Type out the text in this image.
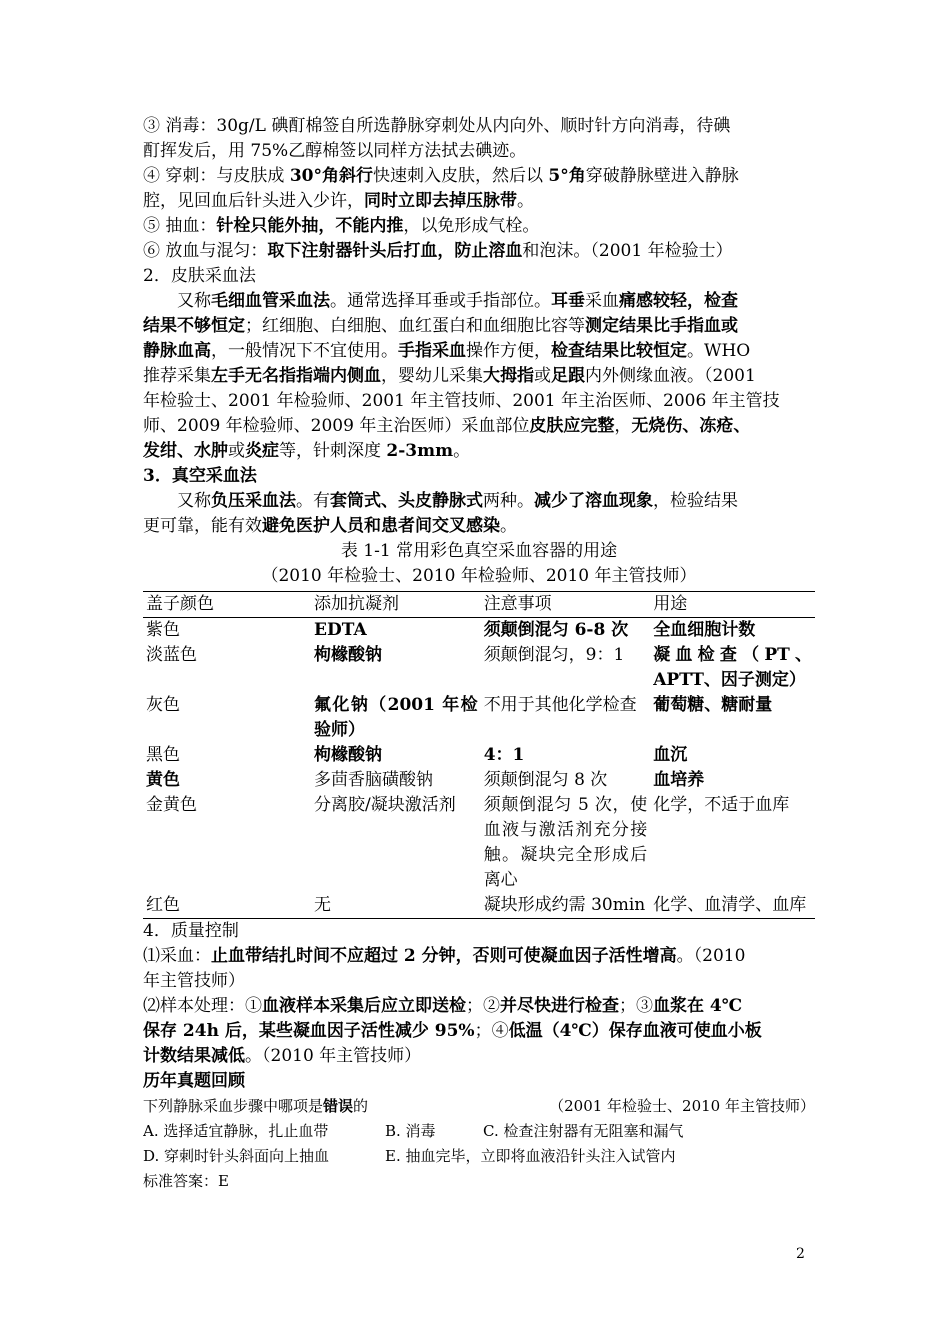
③ 消毒：30g/L 碘酊棉签自所选静脉穿刺处从内向外、顺时针方向消毒，待碘
酊挥发后，用 75%乙醇棉签以同样方法拭去碘迹。
④ 穿刺：与皮肤成 30°角斜行快速刺入皮肤，然后以 5°角穿破静脉壁进入静脉
腔，见回血后针头进入少许，同时立即去掉压脉带。
⑤ 抽血：针栓只能外抽，不能内推，以免形成气栓。
⑥ 放血与混匀：取下注射器针头后打血，防止溶血和泡沫。（2001 年检验士）
2．皮肤采血法
又称毛细血管采血法。通常选择耳垂或手指部位。耳垂采血痛感较轻，检查
结果不够恒定；红细胞、白细胞、血红蛋白和血细胞比容等测定结果比手指血或
静脉血高，一般情况下不宜使用。手指采血操作方便，检查结果比较恒定。WHO
推荐采集左手无名指指端内侧血，婴幼儿采集大拇指或足跟内外侧缘血液。（2001
年检验士、2001 年检验师、2001 年主管技师、2001 年主治医师、2006 年主管技
师、2009 年检验师、2009 年主治医师）采血部位皮肤应完整，无烧伤、冻疮、
发绀、水肿或炎症等，针刺深度 2-3mm。
3．真空采血法
又称负压采血法。有套筒式、头皮静脉式两种。减少了溶血现象，检验结果
更可靠，能有效避免医护人员和患者间交叉感染。
表 1-1 常用彩色真空采血容器的用途
（2010 年检验士、2010 年检验师、2010 年主管技师）
盖子颜色	添加抗凝剂	注意事项	用途
紫色	EDTA	须颠倒混匀 6-8 次	全血细胞计数
淡蓝色	枸橼酸钠	须颠倒混匀，9：1	凝血检查（PT、APTT、因子测定）
灰色	氟化钠（2001 年检验师）	不用于其他化学检查	葡萄糖、糖耐量
黑色	枸橼酸钠	4：1	血沉
黄色	多茴香脑磺酸钠	须颠倒混匀 8 次	血培养
金黄色	分离胶/凝块激活剂	须颠倒混匀 5 次，使血液与激活剂充分接触。凝块完全形成后离心	化学，不适于血库
红色	无	凝块形成约需 30min	化学、血清学、血库
4．质量控制
⑴采血：止血带结扎时间不应超过 2 分钟，否则可使凝血因子活性增高。（2010
年主管技师）
⑵样本处理：①血液样本采集后应立即送检；②并尽快进行检查；③血浆在 4℃
保存 24h 后，某些凝血因子活性减少 95%；④低温（4℃）保存血液可使血小板
计数结果减低。（2010 年主管技师）
历年真题回顾
下列静脉采血步骤中哪项是错误的	（2001 年检验士、2010 年主管技师）
A. 选择适宜静脉，扎止血带	B. 消毒	C. 检查注射器有无阻塞和漏气
D. 穿刺时针头斜面向上抽血	E. 抽血完毕，立即将血液沿针头注入试管内
标准答案：E
2
